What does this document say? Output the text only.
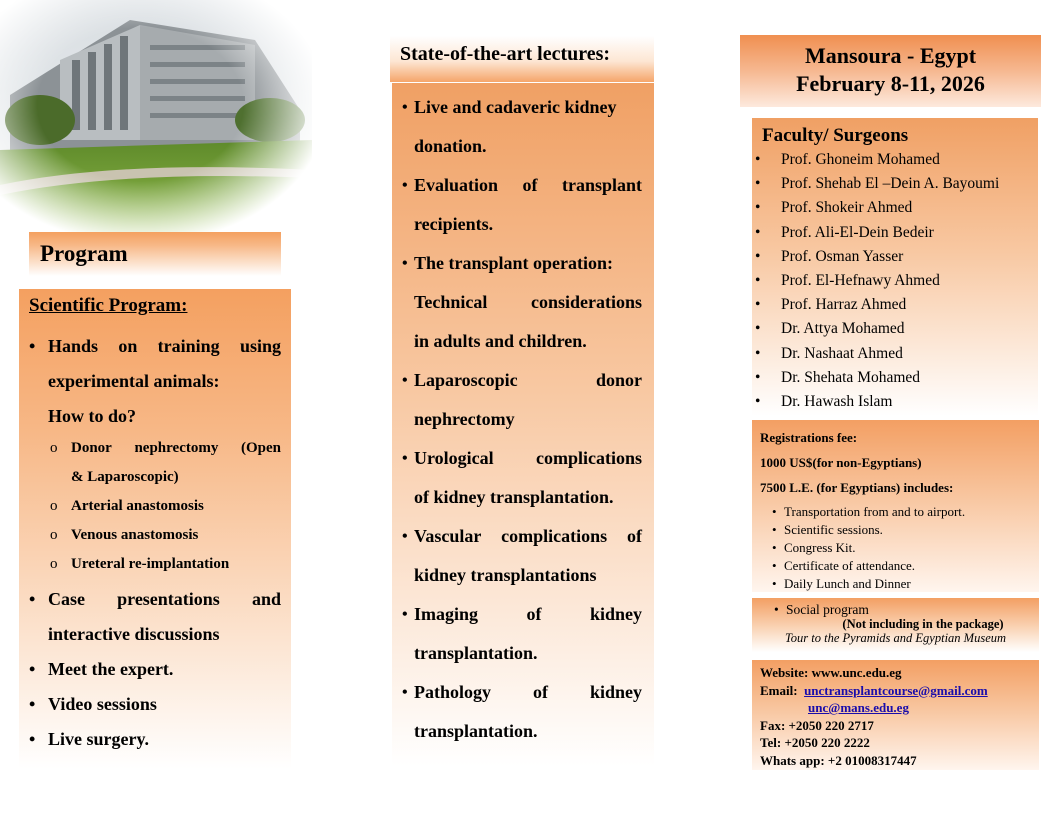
Program
Scientific Program:
• Hands on training using
experimental animals:
How to do?
o Donor nephrectomy (Open
& Laparoscopic)
o Arterial anastomosis
o Venous anastomosis
o Ureteral re-implantation
• Case presentations and
interactive discussions
• Meet the expert.
• Video sessions
• Live surgery.
State-of-the-art lectures:
• Live and cadaveric kidney
donation.
• Evaluation of transplant
recipients.
• The transplant operation:
Technical considerations
in adults and children.
• Laparoscopic	donor
nephrectomy
• Urological complications
of kidney transplantation.
• Vascular complications of
kidney transplantations
• Imaging	of	kidney
transplantation.
• Pathology of kidney
transplantation.
Mansoura - Egypt
February 8-11, 2026
Faculty/ Surgeons
• Prof. Ghoneim Mohamed
• Prof. Shehab El –Dein A. Bayoumi
• Prof. Shokeir Ahmed
• Prof. Ali-El-Dein Bedeir
• Prof. Osman Yasser
• Prof. El-Hefnawy Ahmed
• Prof. Harraz Ahmed
• Dr. Attya Mohamed
• Dr. Nashaat Ahmed
• Dr. Shehata Mohamed
• Dr. Hawash Islam
Registrations fee:
1000 US$(for non-Egyptians)
7500 L.E. (for Egyptians) includes:
• Transportation from and to airport.
• Scientific sessions.
• Congress Kit.
• Certificate of attendance.
• Daily Lunch and Dinner
• Social program
(Not including in the package)
Tour to the Pyramids and Egyptian Museum
Website: www.unc.edu.eg
Email: unctransplantcourse@gmail.com
unc@mans.edu.eg
Fax: +2050 220 2717
Tel: +2050 220 2222
Whats app: +2 01008317447
